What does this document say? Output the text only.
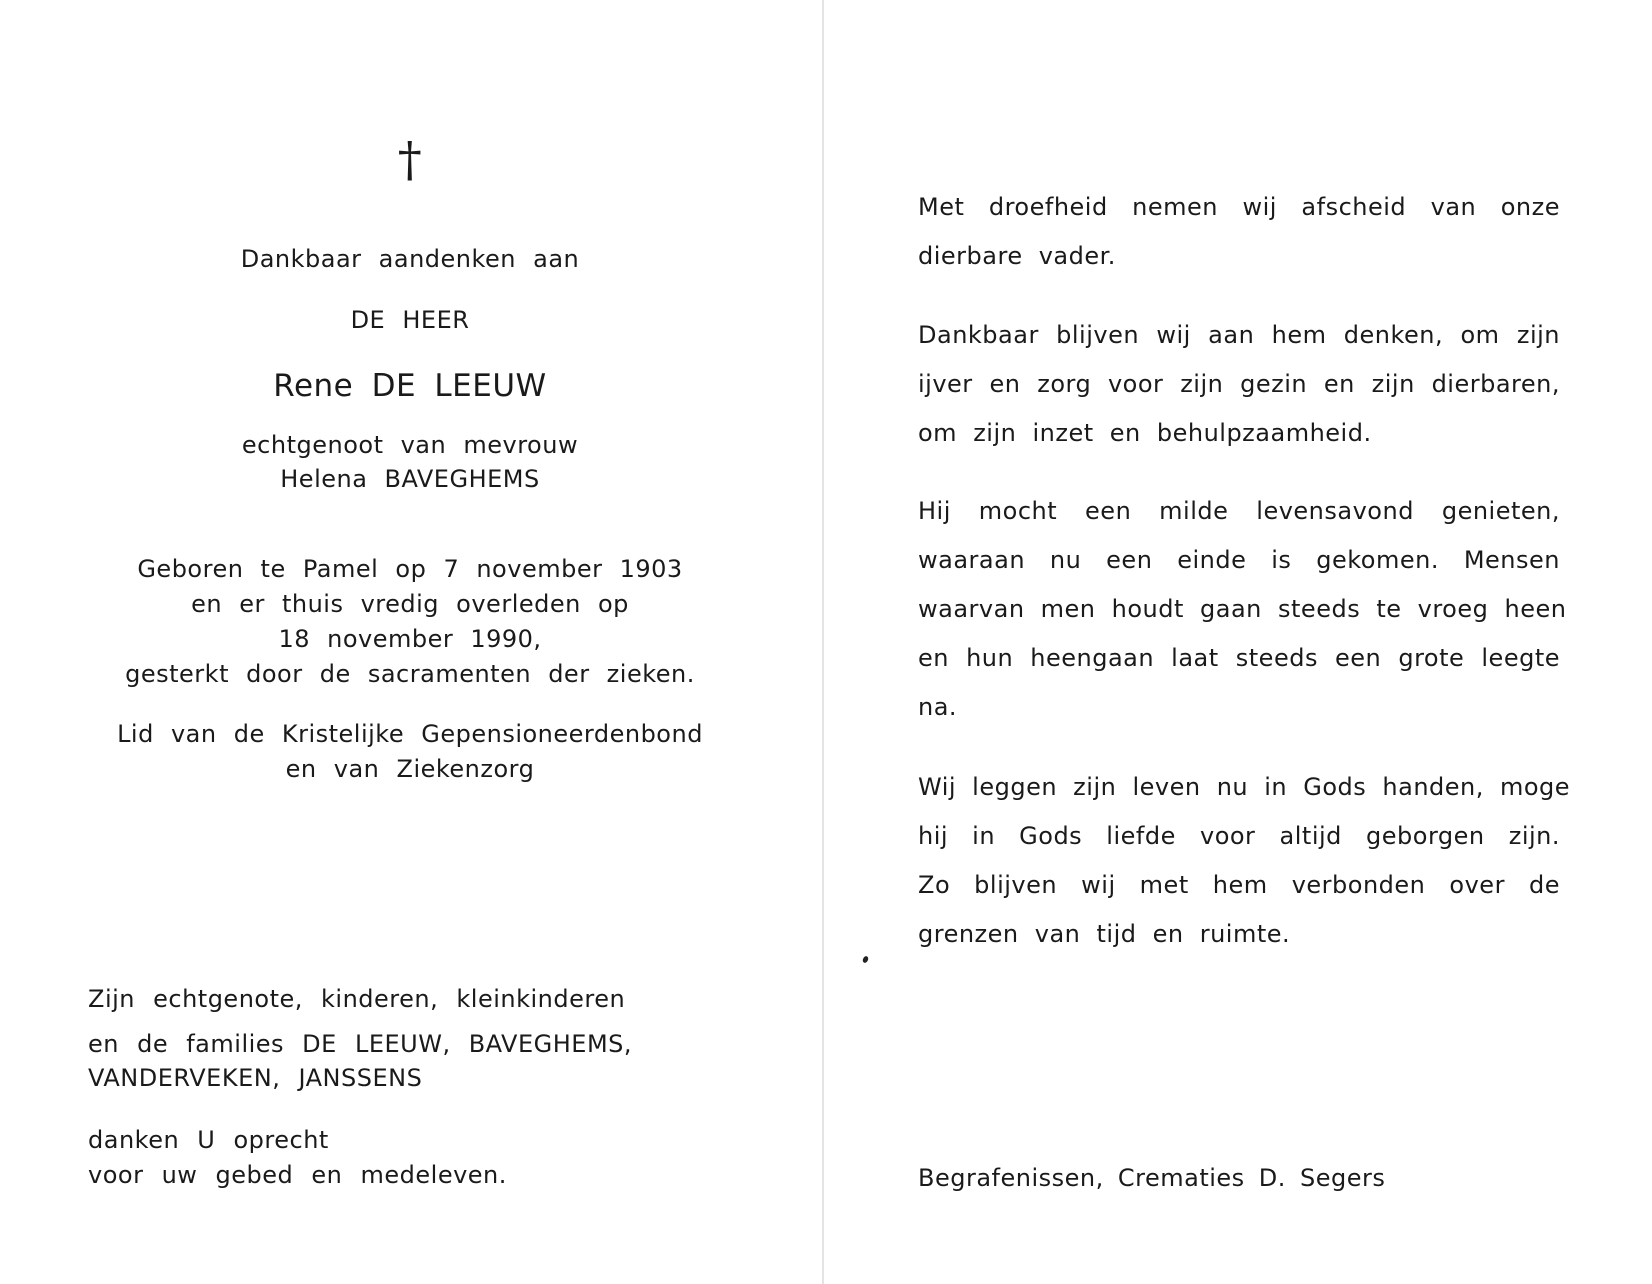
†
Dankbaar aandenken aan
DE HEER
Rene DE LEEUW
echtgenoot van mevrouw
Helena BAVEGHEMS
Geboren te Pamel op 7 november 1903
en er thuis vredig overleden op
18 november 1990,
gesterkt door de sacramenten der zieken.
Lid van de Kristelijke Gepensioneerdenbond
en van Ziekenzorg
Zijn echtgenote, kinderen, kleinkinderen
en de families DE LEEUW, BAVEGHEMS,
VANDERVEKEN, JANSSENS
danken U oprecht
voor uw gebed en medeleven.
Met droefheid nemen wij afscheid van onze
dierbare vader.
Dankbaar blijven wij aan hem denken, om zijn
ijver en zorg voor zijn gezin en zijn dierbaren,
om zijn inzet en behulpzaamheid.
Hij mocht een milde levensavond genieten,
waaraan nu een einde is gekomen. Mensen
waarvan men houdt gaan steeds te vroeg heen
en hun heengaan laat steeds een grote leegte
na.
Wij leggen zijn leven nu in Gods handen, moge
hij in Gods liefde voor altijd geborgen zijn.
Zo blijven wij met hem verbonden over de
grenzen van tijd en ruimte.
Begrafenissen, Crematies D. Segers
